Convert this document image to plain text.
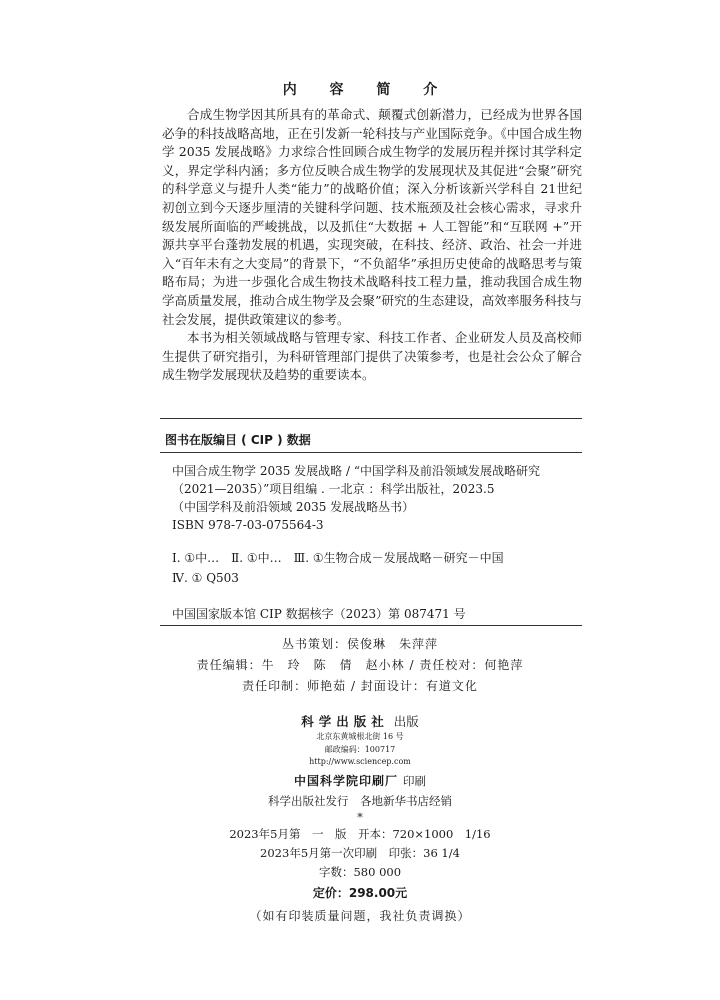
内 容 简 介

合成生物学因其所具有的革命式、颠覆式创新潜力，已经成为世界各国必争的科技战略高地，正在引发新一轮科技与产业国际竞争。《中国合成生物学 2035 发展战略》力求综合性回顾合成生物学的发展历程并探讨其学科定义，界定学科内涵；多方位反映合成生物学的发展现状及其促进“会聚”研究的科学意义与提升人类“能力”的战略价值；深入分析该新兴学科自 21世纪初创立到今天逐步厘清的关键科学问题、技术瓶颈及社会核心需求，寻求升级发展所面临的严峻挑战，以及抓住“大数据 + 人工智能”和“互联网 +”开源共享平台蓬勃发展的机遇，实现突破，在科技、经济、政治、社会一并进入“百年未有之大变局”的背景下，“不负韶华”承担历史使命的战略思考与策略布局；为进一步强化合成生物技术战略科技工程力量，推动我国合成生物学高质量发展，推动合成生物学及会聚”研究的生态建设，高效率服务科技与社会发展，提供政策建议的参考。

本书为相关领域战略与管理专家、科技工作者、企业研发人员及高校师生提供了研究指引，为科研管理部门提供了决策参考，也是社会公众了解合成生物学发展现状及趋势的重要读本。

图书在版编目 ( CIP ) 数据
中国合成生物学 2035 发展战略 / “中国学科及前沿领域发展战略研究
（2021—2035）”项目组编 . 一北京 ：科学出版社，2023.5
（中国学科及前沿领域 2035 发展战略丛书）
ISBN 978-7-03-075564-3
Ⅰ. ①中…　Ⅱ. ①中…　Ⅲ. ①生物合成－发展战略－研究－中国
Ⅳ. ① Q503
中国国家版本馆 CIP 数据核字（2023）第 087471 号
丛书策划：侯俊琳　朱萍萍
责任编辑：牛　玲　陈　倩　赵小林 / 责任校对：何艳萍
责任印制：师艳茹 / 封面设计：有道文化
科学出版社 出版
北京东黄城根北街 16 号
邮政编码：100717
http://www.sciencep.com
中国科学院印刷厂 印刷
科学出版社发行　各地新华书店经销
*
2023年5月第　一　版　开本：720×1000　1/16
2023年5月第一次印刷　印张：36 1/4
字数：580 000
定价：298.00元
（如有印装质量问题，我社负责调换）
